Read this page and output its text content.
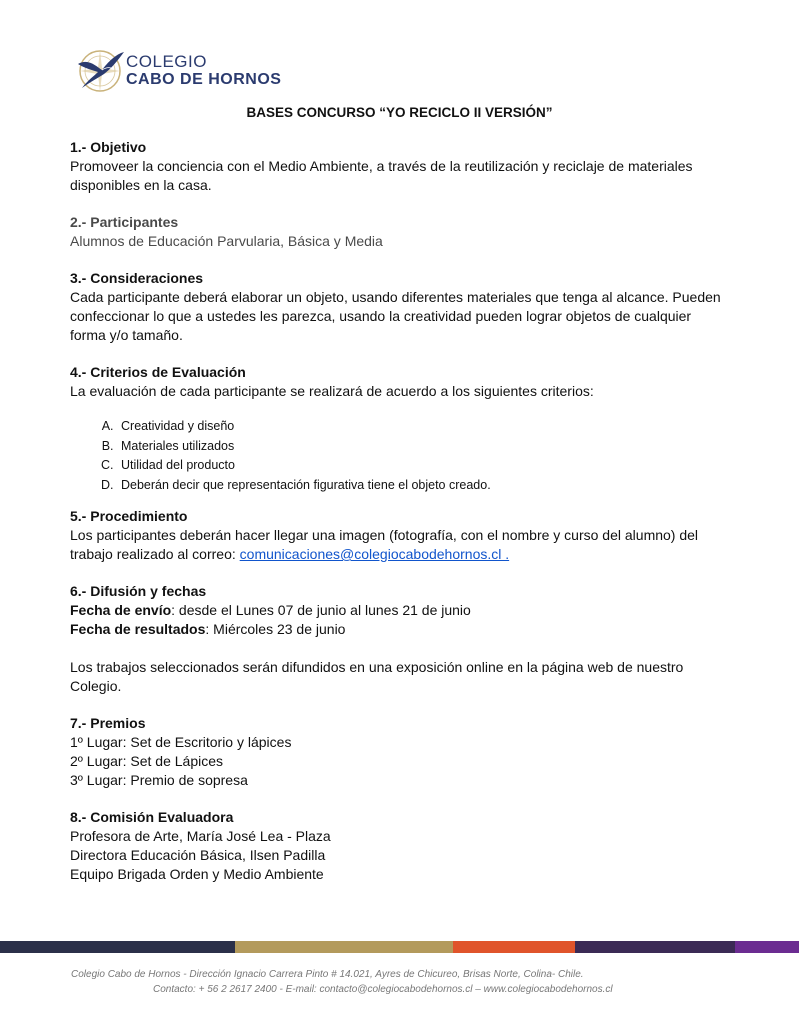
COLEGIO
CABO DE HORNOS
BASES CONCURSO “YO RECICLO II VERSIÓN”
1.- Objetivo

Promoveer la conciencia con el Medio Ambiente, a través de la reutilización y reciclaje de materiales disponibles en la casa.

2.- Participantes

Alumnos de Educación Parvularia, Básica y Media

3.- Consideraciones

Cada participante deberá elaborar un objeto, usando diferentes materiales que tenga al alcance. Pueden confeccionar lo que a ustedes les parezca, usando la creatividad pueden lograr objetos de cualquier forma y/o tamaño.

4.- Criterios de Evaluación

La evaluación de cada participante se realizará de acuerdo a los siguientes criterios:

A. Creatividad y diseño
B. Materiales utilizados
C. Utilidad del producto
D. Deberán decir que representación figurativa tiene el objeto creado.
5.- Procedimiento

Los participantes deberán hacer llegar una imagen (fotografía, con el nombre y curso del alumno) del trabajo realizado al correo: comunicaciones@colegiocabodehornos.cl .

6.- Difusión y fechas
Fecha de envío: desde el Lunes 07 de junio al lunes 21 de junio
Fecha de resultados: Miércoles 23 de junio

Los trabajos seleccionados serán difundidos en una exposición online en la página web de nuestro Colegio.

7.- Premios
1º Lugar: Set de Escritorio y lápices
2º Lugar: Set de Lápices
3º Lugar: Premio de sopresa
8.- Comisión Evaluadora
Profesora de Arte, María José Lea - Plaza
Directora Educación Básica, Ilsen Padilla
Equipo Brigada Orden y Medio Ambiente
Colegio Cabo de Hornos - Dirección Ignacio Carrera Pinto # 14.021, Ayres de Chicureo, Brisas Norte, Colina- Chile.
Contacto: + 56 2 2617 2400 - E-mail: contacto@colegiocabodehornos.cl – www.colegiocabodehornos.cl
